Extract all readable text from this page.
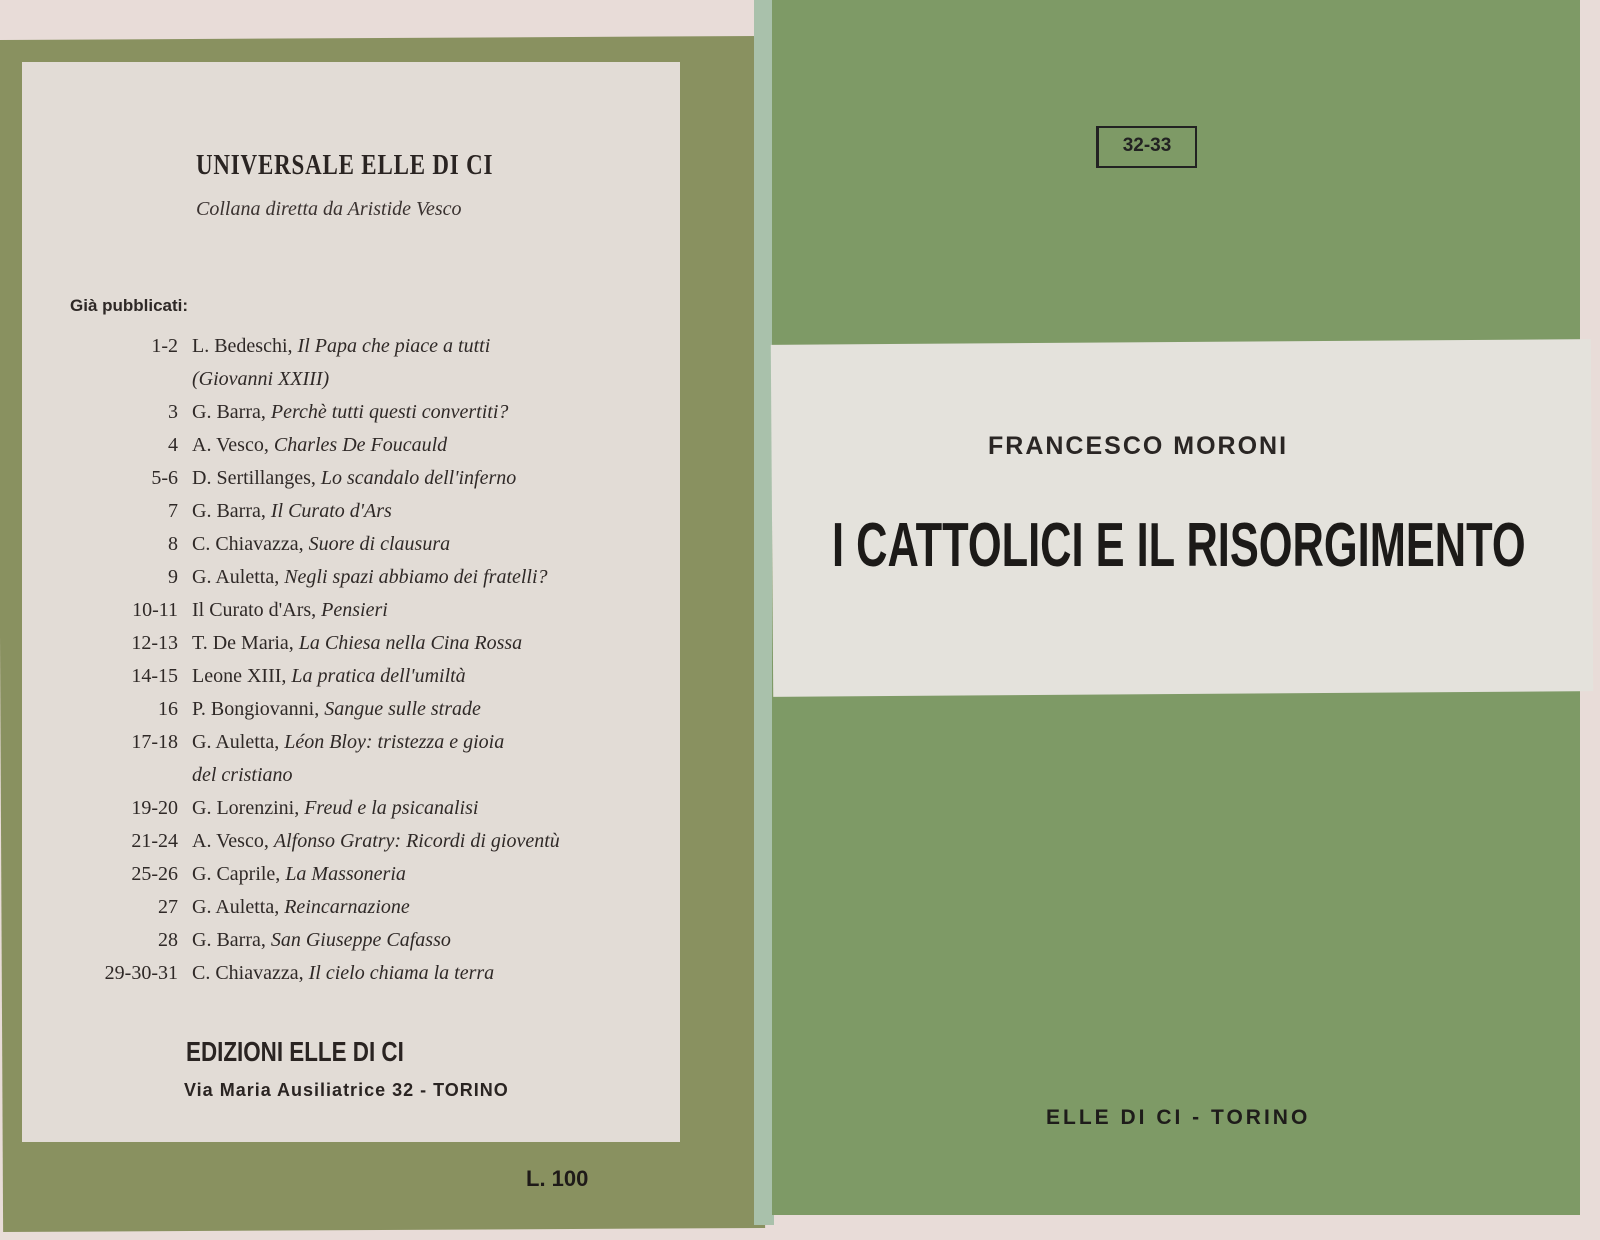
UNIVERSALE ELLE DI CI
Collana diretta da Aristide Vesco
Già pubblicati:
1-2 L. Bedeschi, Il Papa che piace a tutti
(Giovanni XXIII)
3 G. Barra, Perchè tutti questi convertiti?
4 A. Vesco, Charles De Foucauld
5-6 D. Sertillanges, Lo scandalo dell'inferno
7 G. Barra, Il Curato d'Ars
8 C. Chiavazza, Suore di clausura
9 G. Auletta, Negli spazi abbiamo dei fratelli?
10-11 Il Curato d'Ars, Pensieri
12-13 T. De Maria, La Chiesa nella Cina Rossa
14-15 Leone XIII, La pratica dell'umiltà
16 P. Bongiovanni, Sangue sulle strade
17-18 G. Auletta, Léon Bloy: tristezza e gioia
del cristiano
19-20 G. Lorenzini, Freud e la psicanalisi
21-24 A. Vesco, Alfonso Gratry: Ricordi di gioventù
25-26 G. Caprile, La Massoneria
27 G. Auletta, Reincarnazione
28 G. Barra, San Giuseppe Cafasso
29-30-31 C. Chiavazza, Il cielo chiama la terra
EDIZIONI ELLE DI CI
Via Maria Ausiliatrice 32 - TORINO
L. 100
32-33
FRANCESCO MORONI
I CATTOLICI E IL RISORGIMENTO
ELLE DI CI - TORINO
